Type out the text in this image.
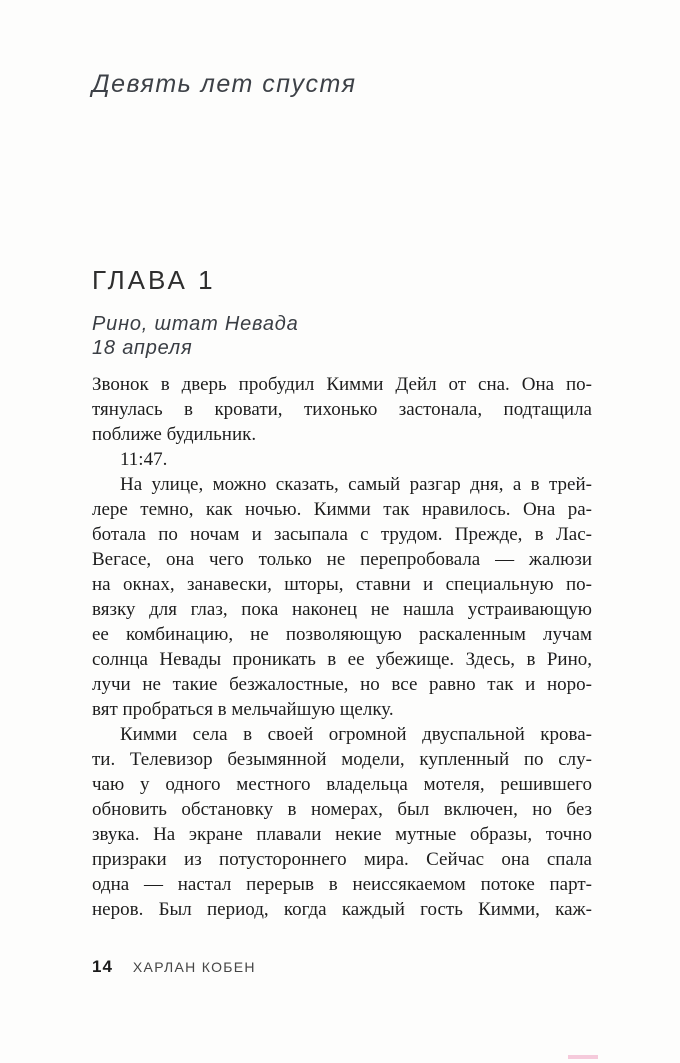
Девять лет спустя
ГЛАВА 1
Рино, штат Невада
18 апреля
Звонок в дверь пробудил Кимми Дейл от сна. Она по-
тянулась в кровати, тихонько застонала, подтащила
поближе будильник.
11:47.
На улице, можно сказать, самый разгар дня, а в трей-
лере темно, как ночью. Кимми так нравилось. Она ра-
ботала по ночам и засыпала с трудом. Прежде, в Лас-
Вегасе, она чего только не перепробовала — жалюзи
на окнах, занавески, шторы, ставни и специальную по-
вязку для глаз, пока наконец не нашла устраивающую
ее комбинацию, не позволяющую раскаленным лучам
солнца Невады проникать в ее убежище. Здесь, в Рино,
лучи не такие безжалостные, но все равно так и норо-
вят пробраться в мельчайшую щелку.
Кимми села в своей огромной двуспальной крова-
ти. Телевизор безымянной модели, купленный по слу-
чаю у одного местного владельца мотеля, решившего
обновить обстановку в номерах, был включен, но без
звука. На экране плавали некие мутные образы, точно
призраки из потустороннего мира. Сейчас она спала
одна — настал перерыв в неиссякаемом потоке парт-
неров. Был период, когда каждый гость Кимми, каж-
14 ХАРЛАН КОБЕН
